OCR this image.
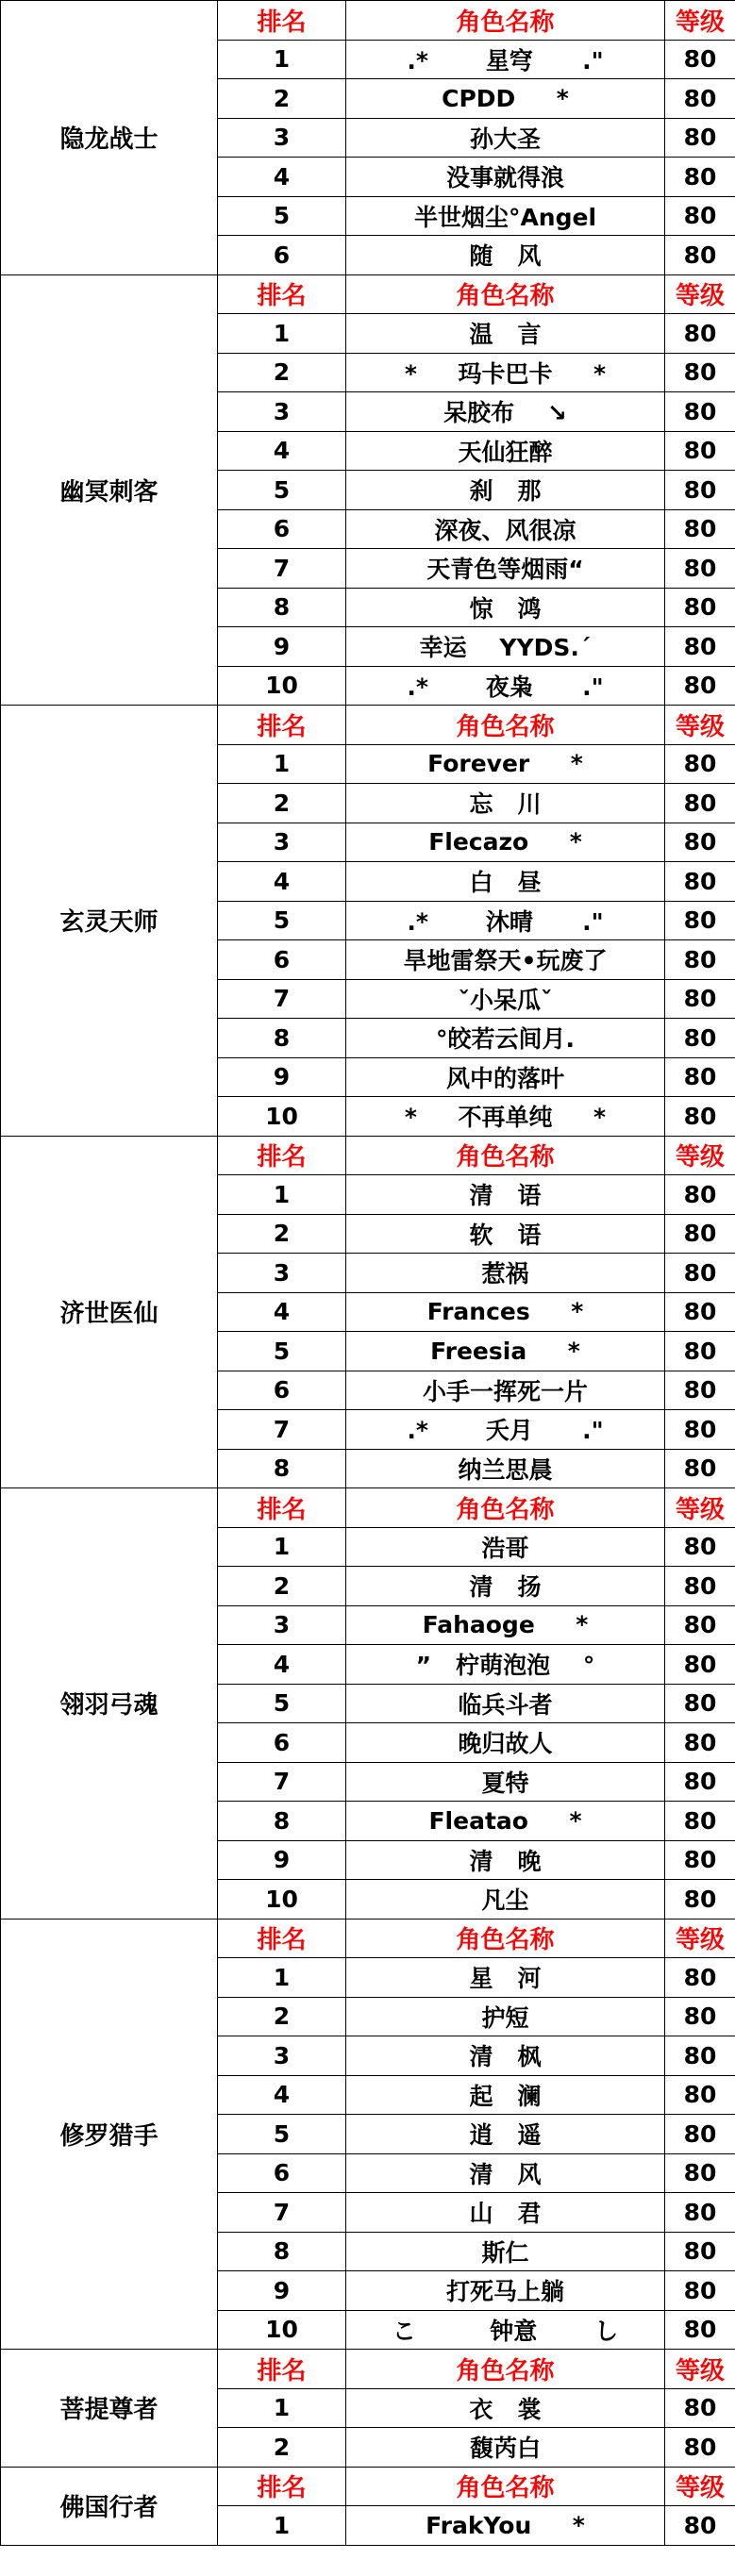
隐龙战士	排名	角色名称	等级
	1	.*       星穹      ."	80
	2	CPDD     *	80
	3	孙大圣	80
	4	没事就得浪	80
	5	半世烟尘°Angel	80
	6	随   风	80
幽冥刺客	排名	角色名称	等级
	1	温   言	80
	2	*     玛卡巴卡     *	80
	3	呆胶布    ↘	80
	4	天仙狂醉	80
	5	刹   那	80
	6	深夜、风很凉	80
	7	天青色等烟雨“	80
	8	惊   鸿	80
	9	幸运    YYDS.ˊ	80
	10	.*       夜枭      ."	80
玄灵天师	排名	角色名称	等级
	1	Forever     *	80
	2	忘   川	80
	3	Flecazo     *	80
	4	白   昼	80
	5	.*       沐晴      ."	80
	6	旱地雷祭天•玩废了	80
	7	ˇ小呆瓜ˇ	80
	8	°皎若云间月.	80
	9	风中的落叶	80
	10	*     不再单纯     *	80
济世医仙	排名	角色名称	等级
	1	清   语	80
	2	软   语	80
	3	惹祸	80
	4	Frances     *	80
	5	Freesia     *	80
	6	小手一挥死一片	80
	7	.*       夭月      ."	80
	8	纳兰思晨	80
翎羽弓魂	排名	角色名称	等级
	1	浩哥	80
	2	清   扬	80
	3	Fahaoge     *	80
	4	”   柠萌泡泡    °	80
	5	临兵斗者	80
	6	晚归故人	80
	7	夏特	80
	8	Fleatao     *	80
	9	清   晚	80
	10	凡尘	80
修罗猎手	排名	角色名称	等级
	1	星   河	80
	2	护短	80
	3	清   枫	80
	4	起   澜	80
	5	逍   遥	80
	6	清   风	80
	7	山   君	80
	8	斯仁	80
	9	打死马上躺	80
	10	こ         钟意       し	80
菩提尊者	排名	角色名称	等级
	1	衣   裳	80
	2	馥芮白	80
佛国行者	排名	角色名称	等级
	1	FrakYou     *	80
